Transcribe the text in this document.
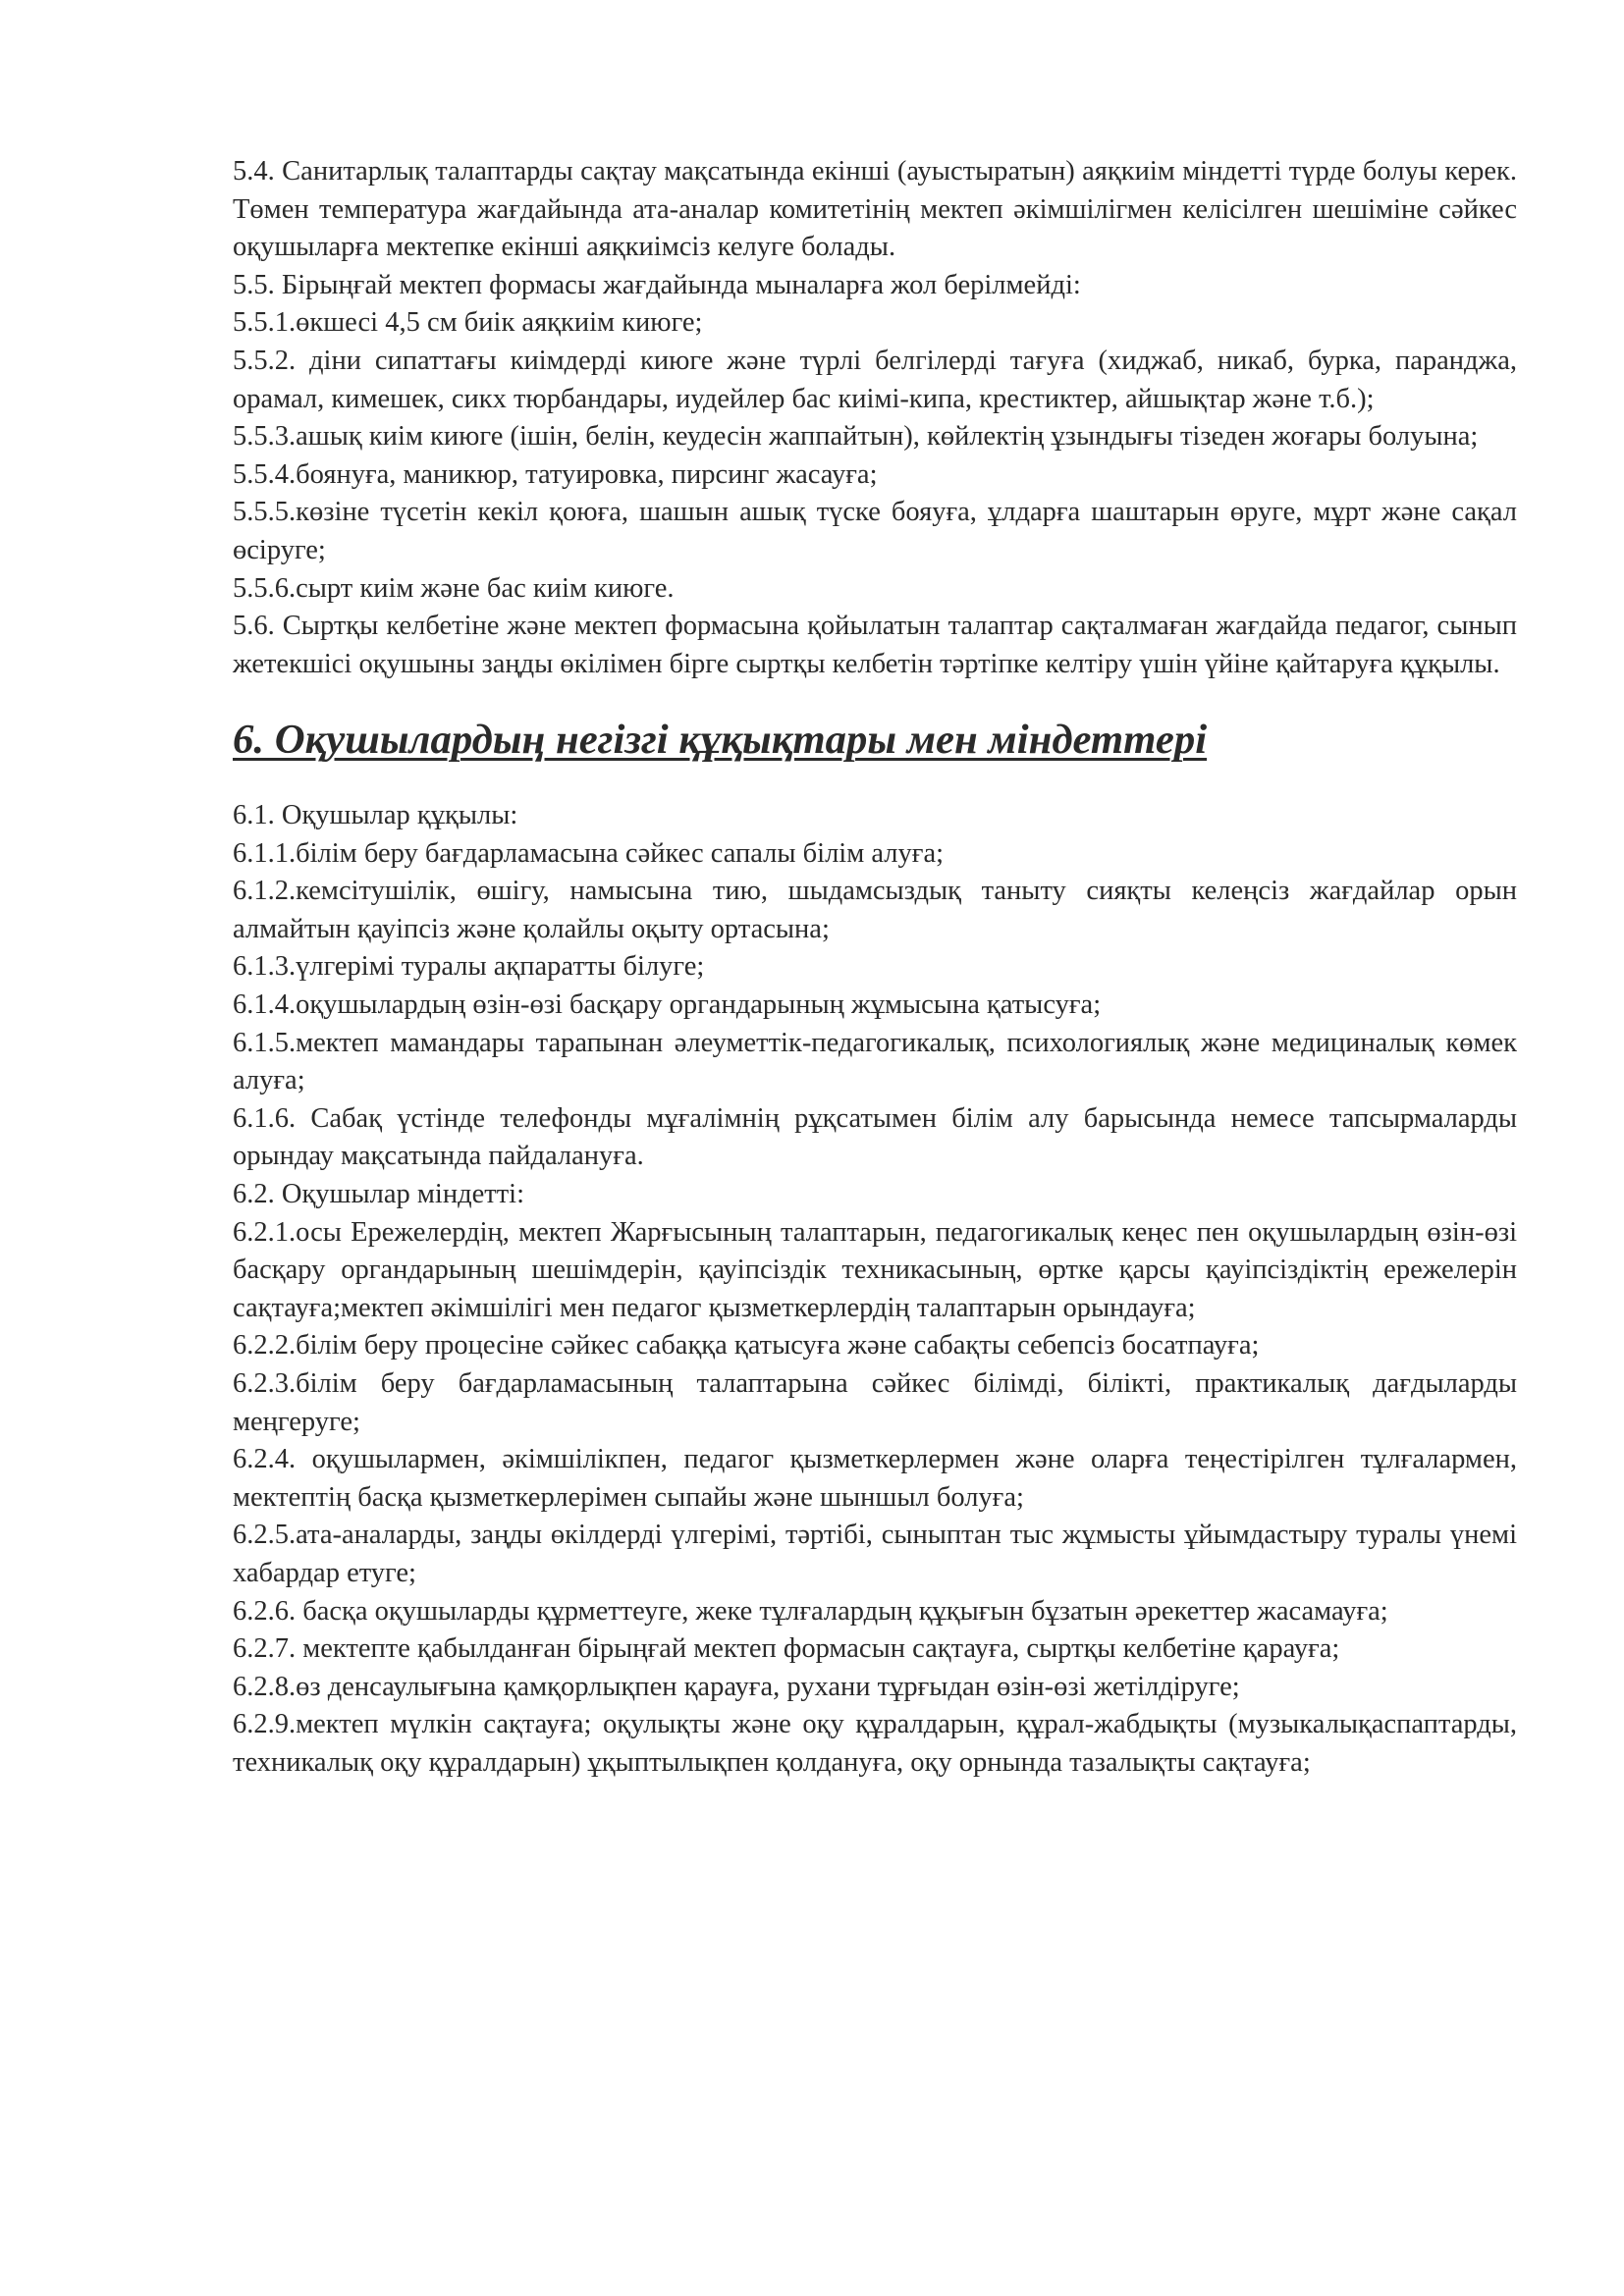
5.4. Санитарлық талаптарды сақтау мақсатында екінші (ауыстыратын) аяқкиім міндетті түрде болуы керек. Төмен температура жағдайында ата-аналар комитетінің мектеп әкімшілігмен келісілген шешіміне сәйкес оқушыларға мектепке екінші аяқкиімсіз келуге болады.

5.5. Бірыңғай мектеп формасы жағдайында мыналарға жол берілмейді:

5.5.1.өкшесі 4,5 см биік аяқкиім киюге;

5.5.2. діни сипаттағы киімдерді киюге және түрлі белгілерді тағуға (хиджаб, никаб, бурка, паранджа, орамал, кимешек, сикх тюрбандары, иудейлер бас киімі-кипа, крестиктер, айшықтар және т.б.);

5.5.3.ашық киім киюге (ішін, белін, кеудесін жаппайтын), көйлектің ұзындығы тізеден жоғары болуына;

5.5.4.боянуға, маникюр, татуировка, пирсинг жасауға;

5.5.5.көзіне түсетін кекіл қоюға, шашын ашық түске бояуға, ұлдарға шаштарын өруге, мұрт және сақал өсіруге;

5.5.6.сырт киім және бас киім киюге.

5.6. Сыртқы келбетіне және мектеп формасына қойылатын талаптар сақталмаған жағдайда педагог, сынып жетекшісі оқушыны заңды өкілімен бірге сыртқы келбетін тәртіпке келтіру үшін үйіне қайтаруға құқылы.

6. Оқушылардың негізгі құқықтары мен міндеттері

6.1. Оқушылар құқылы:

6.1.1.білім беру бағдарламасына сәйкес сапалы білім алуға;

6.1.2.кемсітушілік, өшігу, намысына тию, шыдамсыздық таныту сияқты келеңсіз жағдайлар орын алмайтын қауіпсіз және қолайлы оқыту ортасына;

6.1.3.үлгерімі туралы ақпаратты білуге;

6.1.4.оқушылардың өзін-өзі басқару органдарының жұмысына қатысуға;

6.1.5.мектеп мамандары тарапынан әлеуметтік-педагогикалық, психологиялық және медициналық көмек алуға;

6.1.6. Сабақ үстінде телефонды мұғалімнің рұқсатымен білім алу барысында немесе тапсырмаларды орындау мақсатында пайдалануға.

6.2. Оқушылар міндетті:

6.2.1.осы Ережелердің, мектеп Жарғысының талаптарын, педагогикалық кеңес пен оқушылардың өзін-өзі басқару органдарының шешімдерін, қауіпсіздік техникасының, өртке қарсы қауіпсіздіктің ережелерін сақтауға;мектеп әкімшілігі мен педагог қызметкерлердің талаптарын орындауға;

6.2.2.білім беру процесіне сәйкес сабаққа қатысуға және сабақты себепсіз босатпауға;

6.2.3.білім беру бағдарламасының талаптарына сәйкес білімді, білікті, практикалық дағдыларды меңгеруге;

6.2.4. оқушылармен, әкімшілікпен, педагог қызметкерлермен және оларға теңестірілген тұлғалармен, мектептің басқа қызметкерлерімен сыпайы және шыншыл болуға;

6.2.5.ата-аналарды, заңды өкілдерді үлгерімі, тәртібі, сыныптан тыс жұмысты ұйымдастыру туралы үнемі хабардар етуге;

6.2.6. басқа оқушыларды құрметтеуге, жеке тұлғалардың құқығын бұзатын әрекеттер жасамауға;

6.2.7. мектепте қабылданған бірыңғай мектеп формасын сақтауға, сыртқы келбетіне қарауға;

6.2.8.өз денсаулығына қамқорлықпен қарауға, рухани тұрғыдан өзін-өзі жетілдіруге;

6.2.9.мектеп мүлкін сақтауға; оқулықты және оқу құралдарын, құрал-жабдықты (музыкалықаспаптарды, техникалық оқу құралдарын) ұқыптылықпен қолдануға, оқу орнында тазалықты сақтауға;
